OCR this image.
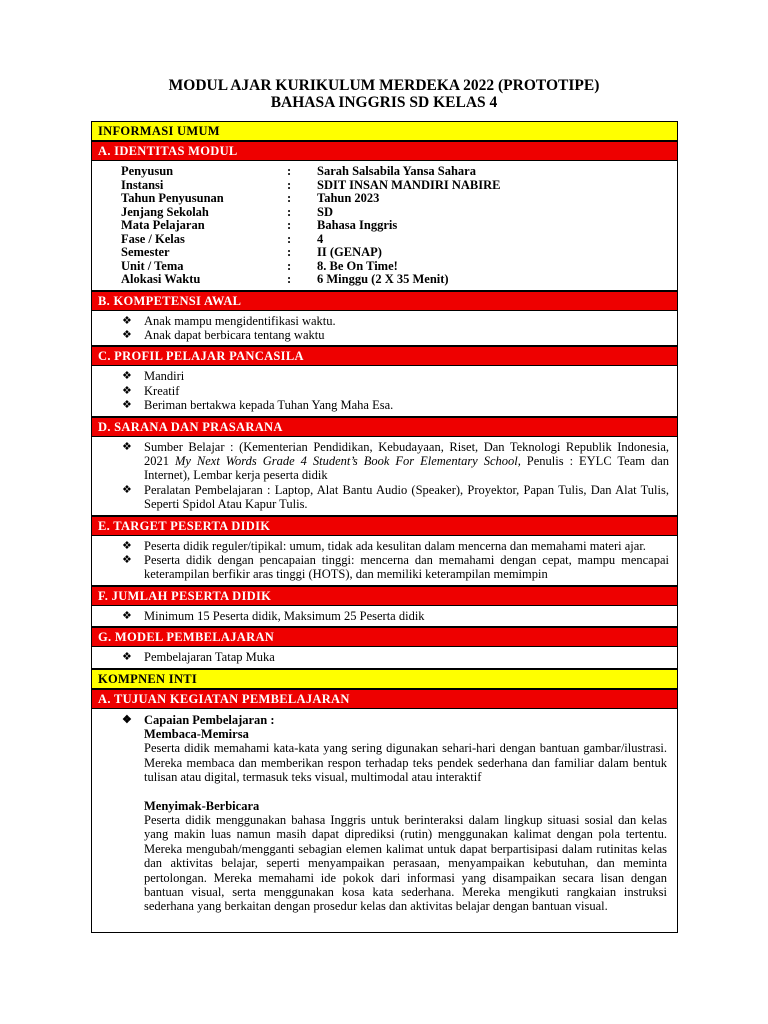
MODUL AJAR KURIKULUM MERDEKA 2022 (PROTOTIPE)
BAHASA INGGRIS SD KELAS 4
INFORMASI UMUM
A. IDENTITAS MODUL
Penyusun	:	Sarah Salsabila Yansa Sahara
Instansi	:	SDIT INSAN MANDIRI NABIRE
Tahun Penyusunan	:	Tahun 2023
Jenjang Sekolah	:	SD
Mata Pelajaran	:	Bahasa Inggris
Fase / Kelas	:	4
Semester	:	II (GENAP)
Unit / Tema	:	8. Be On Time!
Alokasi Waktu	:	6 Minggu (2 X 35 Menit)
B. KOMPETENSI AWAL
❖ Anak mampu mengidentifikasi waktu.
❖ Anak dapat berbicara tentang waktu
C. PROFIL PELAJAR PANCASILA
❖ Mandiri
❖ Kreatif
❖ Beriman bertakwa kepada Tuhan Yang Maha Esa.
D. SARANA DAN PRASARANA
❖ Sumber Belajar : (Kementerian Pendidikan, Kebudayaan, Riset, Dan Teknologi Republik Indonesia, 2021 My Next Words Grade 4 Student’s Book For Elementary School, Penulis : EYLC Team dan Internet), Lembar kerja peserta didik
❖ Peralatan Pembelajaran : Laptop, Alat Bantu Audio (Speaker), Proyektor, Papan Tulis, Dan Alat Tulis, Seperti Spidol Atau Kapur Tulis.
E. TARGET PESERTA DIDIK
❖ Peserta didik reguler/tipikal: umum, tidak ada kesulitan dalam mencerna dan memahami materi ajar.
❖ Peserta didik dengan pencapaian tinggi: mencerna dan memahami dengan cepat, mampu mencapai keterampilan berfikir aras tinggi (HOTS), dan memiliki keterampilan memimpin
F. JUMLAH PESERTA DIDIK
❖ Minimum 15 Peserta didik, Maksimum 25 Peserta didik
G. MODEL PEMBELAJARAN
❖ Pembelajaran Tatap Muka
KOMPNEN INTI
A. TUJUAN KEGIATAN PEMBELAJARAN
❖ Capaian Pembelajaran :
Membaca-Memirsa

Peserta didik memahami kata-kata yang sering digunakan sehari-hari dengan bantuan gambar/ilustrasi. Mereka membaca dan memberikan respon terhadap teks pendek sederhana dan familiar dalam bentuk tulisan atau digital, termasuk teks visual, multimodal atau interaktif

Menyimak-Berbicara

Peserta didik menggunakan bahasa Inggris untuk berinteraksi dalam lingkup situasi sosial dan kelas yang makin luas namun masih dapat diprediksi (rutin) menggunakan kalimat dengan pola tertentu. Mereka mengubah/mengganti sebagian elemen kalimat untuk dapat berpartisipasi dalam rutinitas kelas dan aktivitas belajar, seperti menyampaikan perasaan, menyampaikan kebutuhan, dan meminta pertolongan. Mereka memahami ide pokok dari informasi yang disampaikan secara lisan dengan bantuan visual, serta menggunakan kosa kata sederhana. Mereka mengikuti rangkaian instruksi sederhana yang berkaitan dengan prosedur kelas dan aktivitas belajar dengan bantuan visual.
